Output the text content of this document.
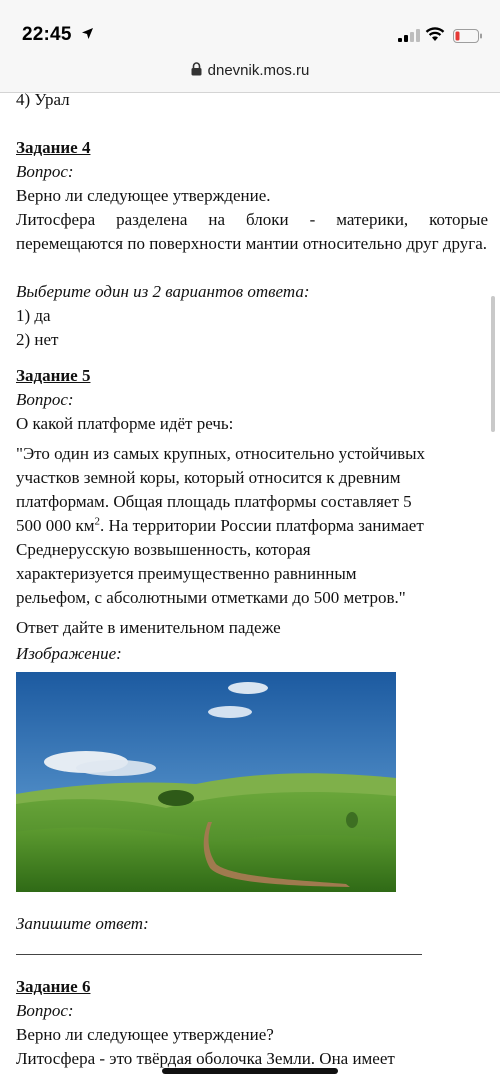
22:45
dnevnik.mos.ru
4) Урал
Задание 4
Вопрос:
Верно ли следующее утверждение.
Литосфера разделена на блоки - материки, которые перемещаются по поверхности мантии относительно друг друга.
Выберите один из 2 вариантов ответа:
1) да
2) нет
Задание 5
Вопрос:
О какой платформе идёт речь:
"Это один из самых крупных, относительно устойчивых
участков земной коры, который относится к древним
платформам. Общая площадь платформы составляет 5
500 000 $км^2$. На территории России платформа занимает
Среднерусскую возвышенность, которая
характеризуется преимущественно равнинным
рельефом, с абсолютными отметками до 500 метров."
Ответ дайте в именительном падеже
Изображение:
Запишите ответ:
Задание 6
Вопрос:
Верно ли следующее утверждение?
Литосфера - это твёрдая оболочка Земли. Она имеет
